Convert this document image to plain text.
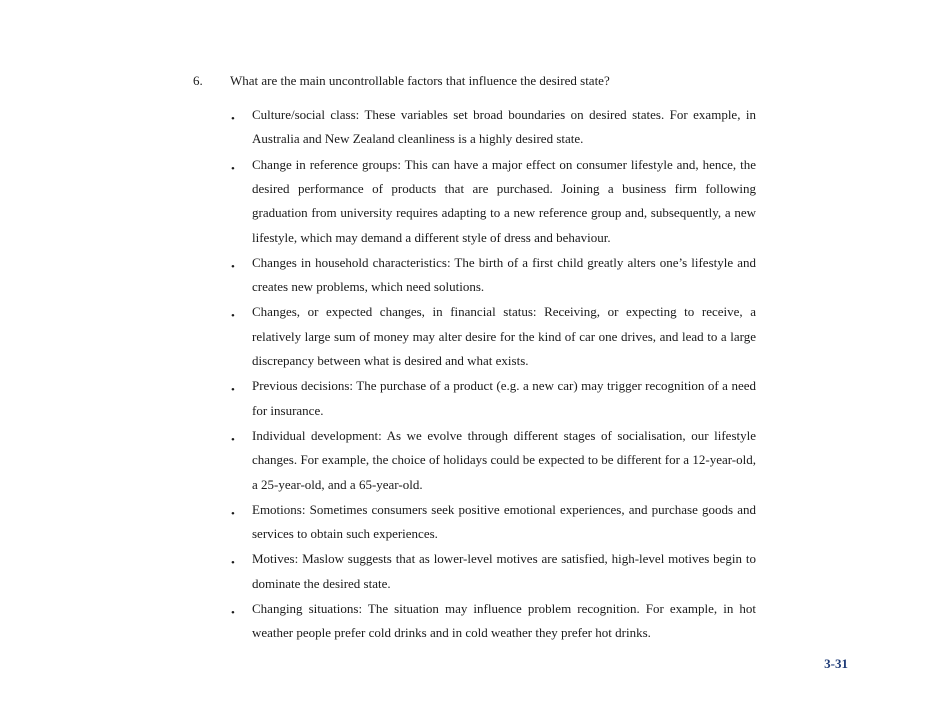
6.	What are the main uncontrollable factors that influence the desired state?
•	Culture/social class: These variables set broad boundaries on desired states. For example, in Australia and New Zealand cleanliness is a highly desired state.
•	Change in reference groups: This can have a major effect on consumer lifestyle and, hence, the desired performance of products that are purchased. Joining a business firm following graduation from university requires adapting to a new reference group and, subsequently, a new lifestyle, which may demand a different style of dress and behaviour.
•	Changes in household characteristics: The birth of a first child greatly alters one’s lifestyle and creates new problems, which need solutions.
•	Changes, or expected changes, in financial status: Receiving, or expecting to receive, a relatively large sum of money may alter desire for the kind of car one drives, and lead to a large discrepancy between what is desired and what exists.
•	Previous decisions: The purchase of a product (e.g. a new car) may trigger recognition of a need for insurance.
•	Individual development: As we evolve through different stages of socialisation, our lifestyle changes. For example, the choice of holidays could be expected to be different for a 12-year-old, a 25-year-old, and a 65-year-old.
•	Emotions: Sometimes consumers seek positive emotional experiences, and purchase goods and services to obtain such experiences.
•	Motives: Maslow suggests that as lower-level motives are satisfied, high-level motives begin to dominate the desired state.
•	Changing situations: The situation may influence problem recognition. For example, in hot weather people prefer cold drinks and in cold weather they prefer hot drinks.
3-31
